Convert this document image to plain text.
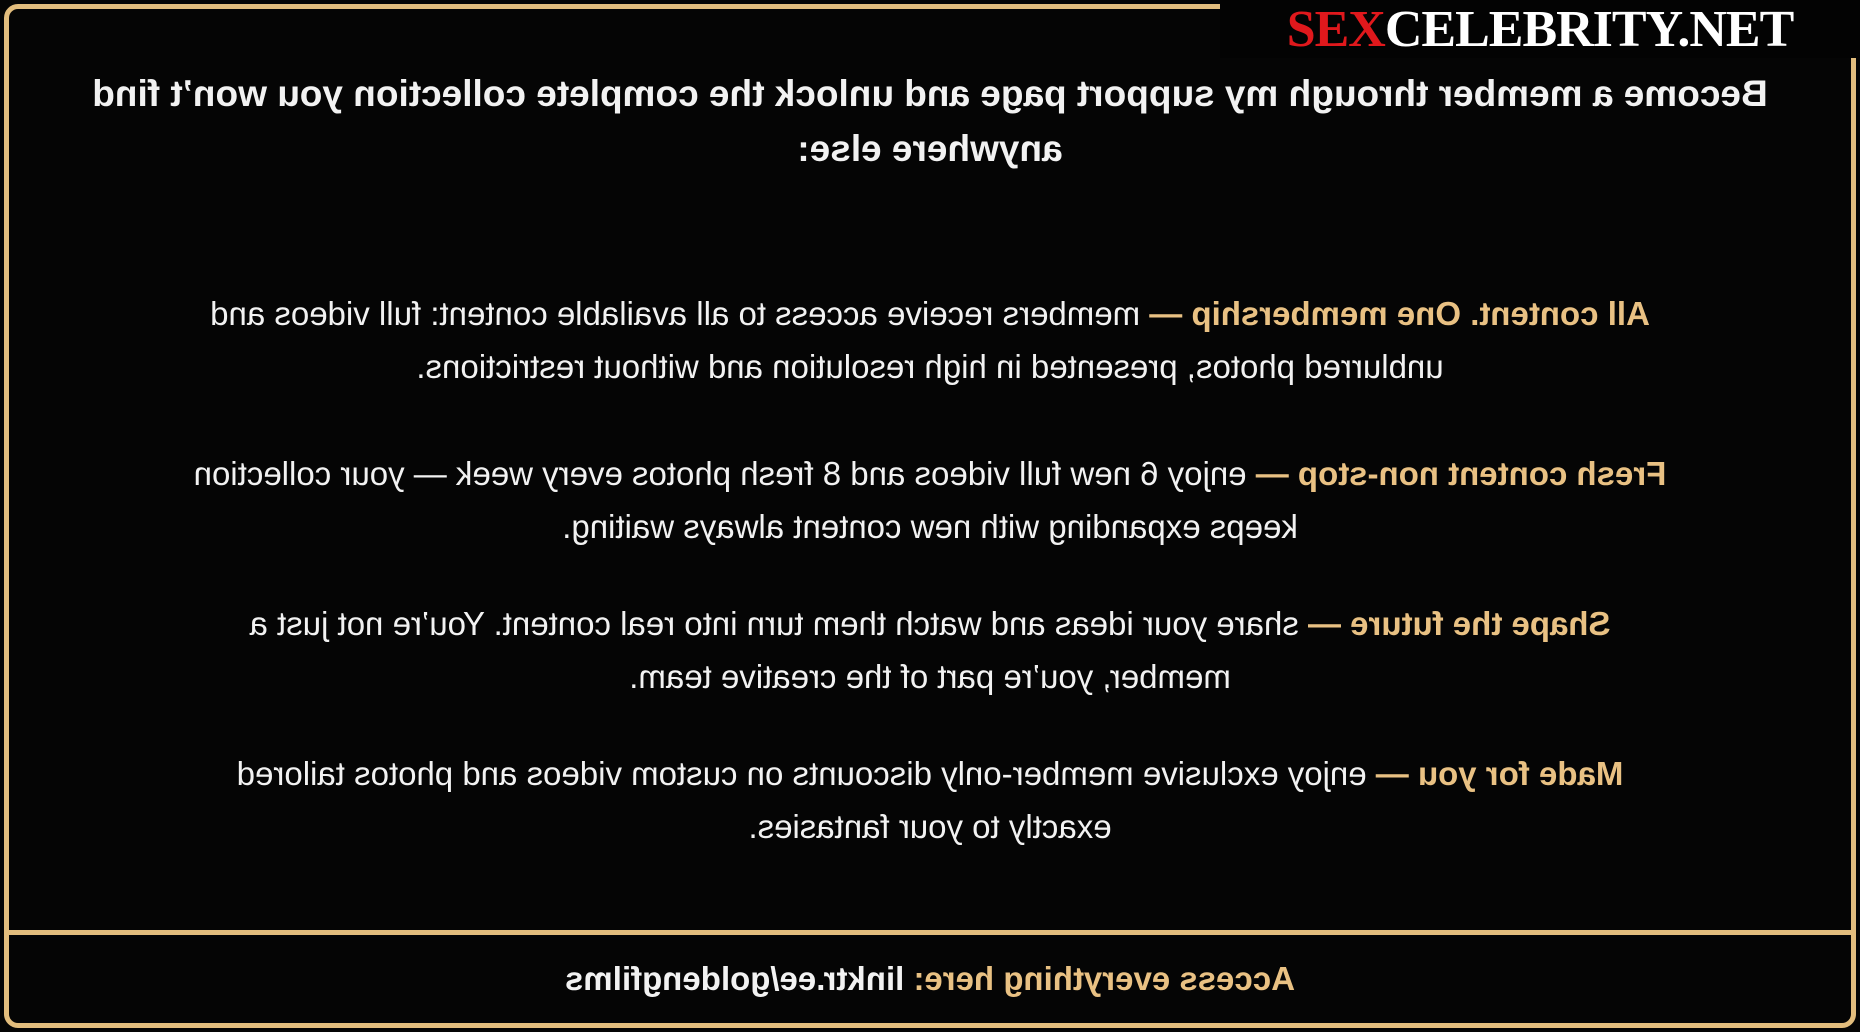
SEX CELEBRITY.NET
Become a member through my support page and unlock the complete collection you won’t find
anywhere else:

All content. One membership — members receive access to all available content: full videos and
unblurred photos, presented in high resolution and without restrictions.

Fresh content non-stop — enjoy 6 new full videos and 8 fresh photos every week — your collection
keeps expanding with new content always waiting.

Shape the future — share your ideas and watch them turn into real content. You’re not just a
member, you’re part of the creative team.

Made for you — enjoy exclusive member-only discounts on custom videos and photos tailored
exactly to your fantasies.

Access everything here: linktr.ee/goldengfilms
